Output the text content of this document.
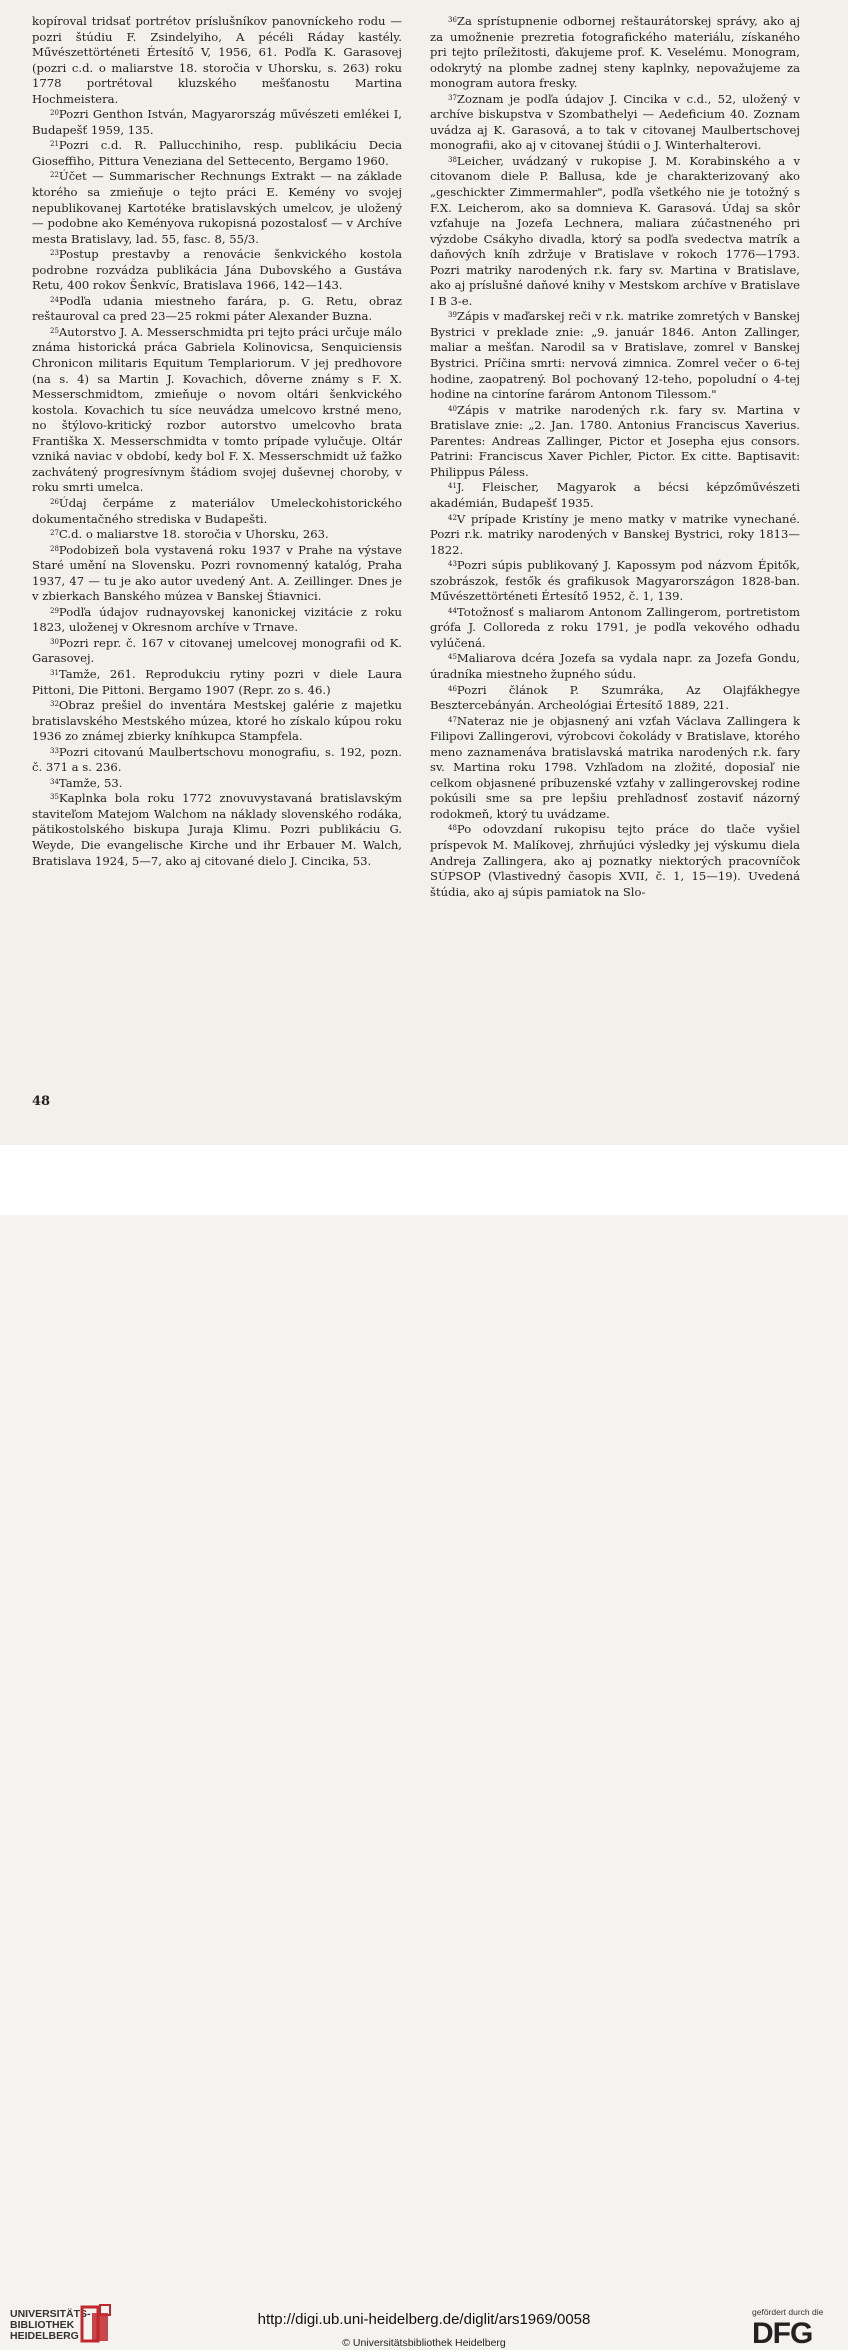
kopíroval tridsať portrétov príslušníkov panovníckeho rodu — pozri štúdiu F. Zsindelyiho, A pécéli Ráday kastély. Művészettörténeti Értesítő V, 1956, 61. Podľa K. Garasovej (pozri c.d. o maliarstve 18. storočia v Uhorsku, s. 263) roku 1778 portrétoval kluzského mešťanostu Martina Hochmeistera.

$^{20}$Pozri Genthon István, Magyarország művészeti emlékei I, Budapešť 1959, 135.

$^{21}$Pozri c.d. R. Pallucchiniho, resp. publikáciu Decia Gioseffiho, Pittura Veneziana del Settecento, Bergamo 1960.

$^{22}$Účet — Summarischer Rechnungs Extrakt — na základe ktorého sa zmieňuje o tejto práci E. Kemény vo svojej nepublikovanej Kartotéke bratislavských umelcov, je uložený — podobne ako Keményova rukopisná pozostalosť — v Archíve mesta Bratislavy, lad. 55, fasc. 8, 55/3.

$^{23}$Postup prestavby a renovácie šenkvického kostola podrobne rozvádza publikácia Jána Dubovského a Gustáva Retu, 400 rokov Šenkvíc, Bratislava 1966, 142—143.

$^{24}$Podľa udania miestneho farára, p. G. Retu, obraz reštauroval ca pred 23—25 rokmi páter Alexander Buzna.

$^{25}$Autorstvo J. A. Messerschmidta pri tejto práci určuje málo známa historická práca Gabriela Kolinovicsa, Senquiciensis Chronicon militaris Equitum Templariorum. V jej predhovore (na s. 4) sa Martin J. Kovachich, dôverne známy s F. X. Messerschmidtom, zmieňuje o novom oltári šenkvického kostola. Kovachich tu síce neuvádza umelcovo krstné meno, no štýlovo-kritický rozbor autorstvo umelcovho brata Františka X. Messerschmidta v tomto prípade vylučuje. Oltár vzniká naviac v období, kedy bol F. X. Messerschmidt už ťažko zachvátený progresívnym štádiom svojej duševnej choroby, v roku smrti umelca.

$^{26}$Údaj čerpáme z materiálov Umeleckohistorického dokumentačného strediska v Budapešti.

$^{27}$C.d. o maliarstve 18. storočia v Uhorsku, 263.

$^{28}$Podobizeň bola vystavená roku 1937 v Prahe na výstave Staré umění na Slovensku. Pozri rovnomenný katalóg, Praha 1937, 47 — tu je ako autor uvedený Ant. A. Zeillinger. Dnes je v zbierkach Banského múzea v Banskej Štiavnici.

$^{29}$Podľa údajov rudnayovskej kanonickej vizitácie z roku 1823, uloženej v Okresnom archíve v Trnave.

$^{30}$Pozri repr. č. 167 v citovanej umelcovej monografii od K. Garasovej.

$^{31}$Tamže, 261. Reprodukciu rytiny pozri v diele Laura Pittoni, Die Pittoni. Bergamo 1907 (Repr. zo s. 46.)

$^{32}$Obraz prešiel do inventára Mestskej galérie z majetku bratislavského Mestského múzea, ktoré ho získalo kúpou roku 1936 zo známej zbierky kníhkupca Stampfela.

$^{33}$Pozri citovanú Maulbertschovu monografiu, s. 192, pozn. č. 371 a s. 236.

$^{34}$Tamže, 53.

$^{35}$Kaplnka bola roku 1772 znovuvystavaná bratislavským staviteľom Matejom Walchom na náklady slovenského rodáka, pätikostolského biskupa Juraja Klimu. Pozri publikáciu G. Weyde, Die evangelische Kirche und ihr Erbauer M. Walch, Bratislava 1924, 5—7, ako aj citované dielo J. Cincika, 53.

$^{36}$Za sprístupnenie odbornej reštaurátorskej správy, ako aj za umožnenie prezretia fotografického materiálu, získaného pri tejto príležitosti, ďakujeme prof. K. Veselému. Monogram, odokrytý na plombe zadnej steny kaplnky, nepovažujeme za monogram autora fresky.

$^{37}$Zoznam je podľa údajov J. Cincika v c.d., 52, uložený v archíve biskupstva v Szombathelyi — Aedeficium 40. Zoznam uvádza aj K. Garasová, a to tak v citovanej Maulbertschovej monografii, ako aj v citovanej štúdii o J. Winterhalterovi.

$^{38}$Leicher, uvádzaný v rukopise J. M. Korabinského a v citovanom diele P. Ballusa, kde je charakterizovaný ako „geschickter Zimmermahler", podľa všetkého nie je totožný s F.X. Leicherom, ako sa domnieva K. Garasová. Údaj sa skôr vzťahuje na Jozefa Lechnera, maliara zúčastneného pri výzdobe Csákyho divadla, ktorý sa podľa svedectva matrík a daňových kníh zdržuje v Bratislave v rokoch 1776—1793. Pozri matriky narodených r.k. fary sv. Martina v Bratislave, ako aj príslušné daňové knihy v Mestskom archíve v Bratislave I B 3-e.

$^{39}$Zápis v maďarskej reči v r.k. matrike zomretých v Banskej Bystrici v preklade znie: „9. január 1846. Anton Zallinger, maliar a mešťan. Narodil sa v Bratislave, zomrel v Banskej Bystrici. Príčina smrti: nervová zimnica. Zomrel večer o 6-tej hodine, zaopatrený. Bol pochovaný 12-teho, popoludní o 4-tej hodine na cintoríne farárom Antonom Tilessom."

$^{40}$Zápis v matrike narodených r.k. fary sv. Martina v Bratislave znie: „2. Jan. 1780. Antonius Franciscus Xaverius. Parentes: Andreas Zallinger, Pictor et Josepha ejus consors. Patrini: Franciscus Xaver Pichler, Pictor. Ex citte. Baptisavit: Philippus Páless.

$^{41}$J. Fleischer, Magyarok a bécsi képzőművészeti akadémián, Budapešť 1935.

$^{42}$V prípade Kristíny je meno matky v matrike vynechané. Pozri r.k. matriky narodených v Banskej Bystrici, roky 1813—1822.

$^{43}$Pozri súpis publikovaný J. Kapossym pod názvom Épitők, szobrászok, festők és grafikusok Magyarországon 1828-ban. Művészettörténeti Értesítő 1952, č. 1, 139.

$^{44}$Totožnosť s maliarom Antonom Zallingerom, portretistom grófa J. Colloreda z roku 1791, je podľa vekového odhadu vylúčená.

$^{45}$Maliarova dcéra Jozefa sa vydala napr. za Jozefa Gondu, úradníka miestneho župného súdu.

$^{46}$Pozri článok P. Szumráka, Az Olajfákhegye Besztercebányán. Archeológiai Értesítő 1889, 221.

$^{47}$Nateraz nie je objasnený ani vzťah Václava Zallingera k Filipovi Zallingerovi, výrobcovi čokolády v Bratislave, ktorého meno zaznamenáva bratislavská matrika narodených r.k. fary sv. Martina roku 1798. Vzhľadom na zložité, doposiaľ nie celkom objasnené príbuzenské vzťahy v zallingerovskej rodine pokúsili sme sa pre lepšiu prehľadnosť zostaviť názorný rodokmeň, ktorý tu uvádzame.

$^{48}$Po odovzdaní rukopisu tejto práce do tlače vyšiel príspevok M. Malíkovej, zhrňujúci výsledky jej výskumu diela Andreja Zallingera, ako aj poznatky niektorých pracovníčok SÚPSOP (Vlastivedný časopis XVII, č. 1, 15—19). Uvedená štúdia, ako aj súpis pamiatok na Slo-

48
UNIVERSITÄTS-
BIBLIOTHEK
HEIDELBERG
http://digi.ub.uni-heidelberg.de/diglit/ars1969/0058
© Universitätsbibliothek Heidelberg
gefördert durch die
DFG
